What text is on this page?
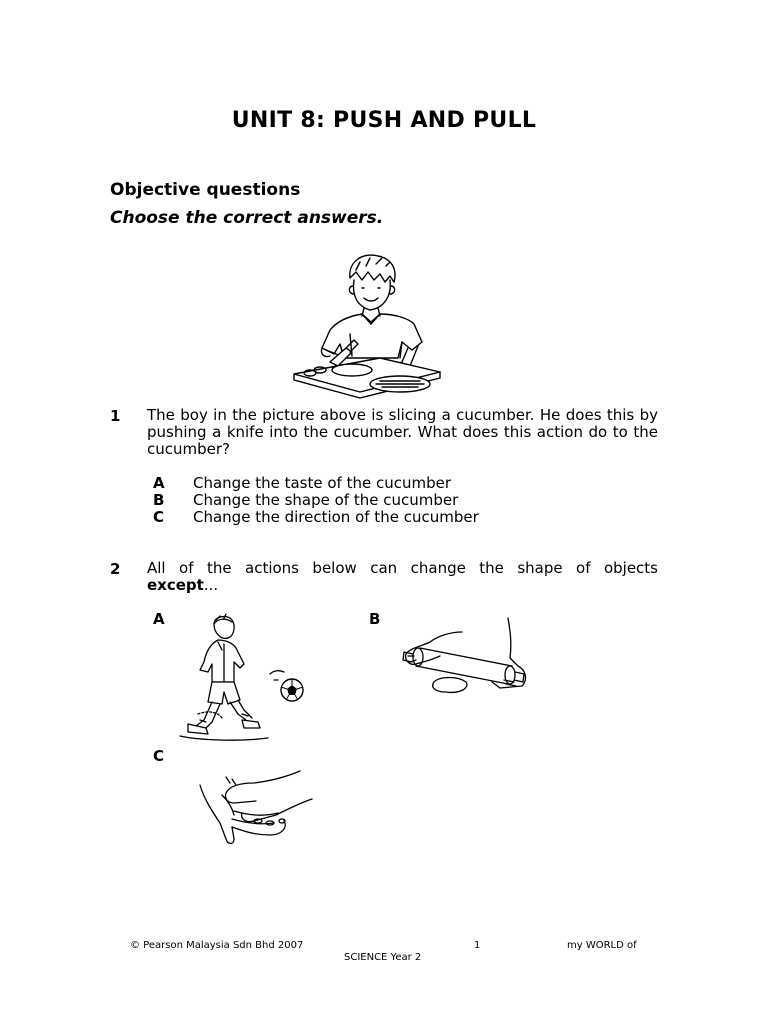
UNIT 8: PUSH AND PULL
Objective questions
Choose the correct answers.
1 The boy in the picture above is slicing a cucumber. He does this by pushing a knife into the cucumber. What does this action do to the cucumber?
A Change the taste of the cucumber
B Change the shape of the cucumber
C Change the direction of the cucumber
2 All of the actions below can change the shape of objects
except...
A	B
C
© Pearson Malaysia Sdn Bhd 2007	1	my WORLD of
SCIENCE Year 2
